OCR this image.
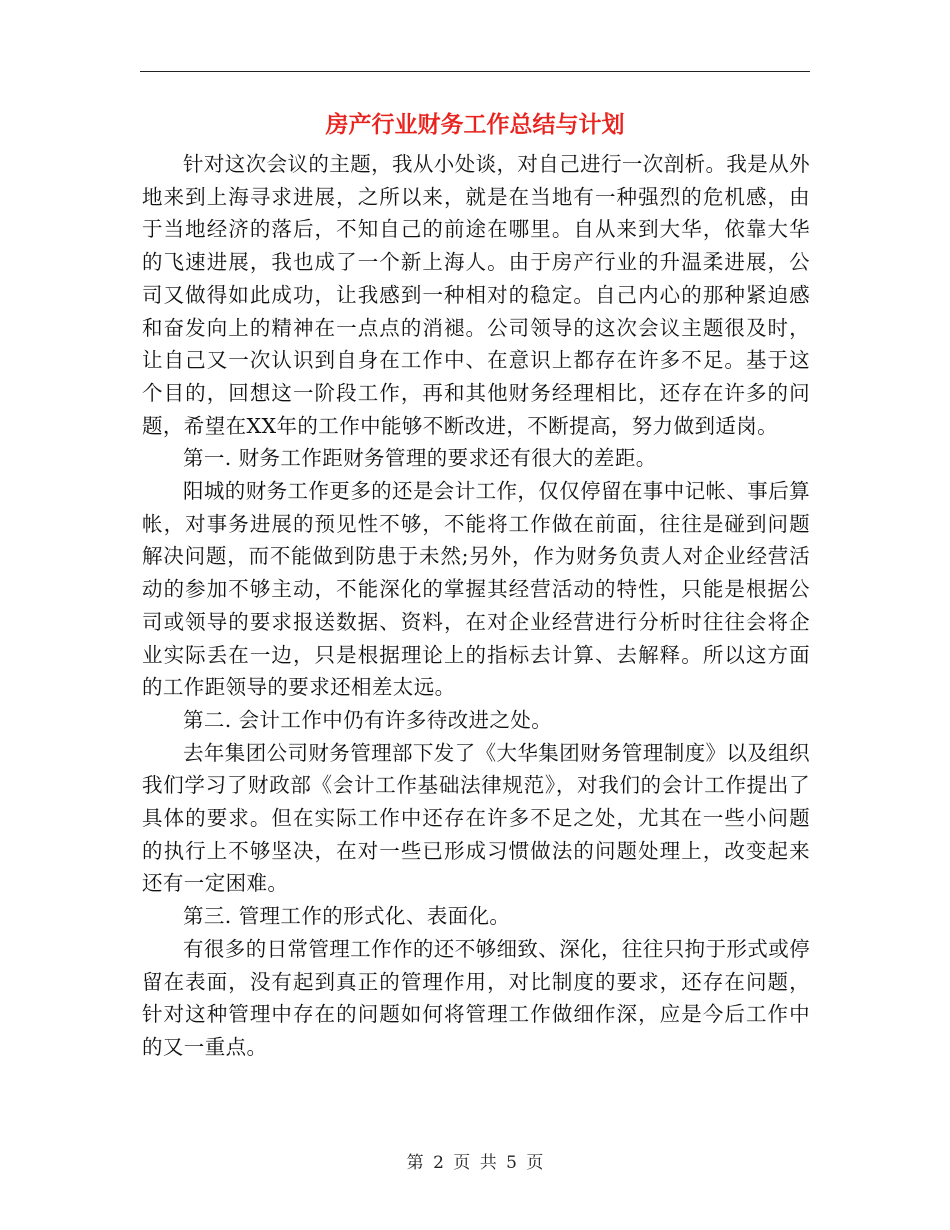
房产行业财务工作总结与计划

针对这次会议的主题，我从小处谈，对自己进行一次剖析。我是从外地来到上海寻求进展，之所以来，就是在当地有一种强烈的危机感，由于当地经济的落后，不知自己的前途在哪里。自从来到大华，依靠大华的飞速进展，我也成了一个新上海人。由于房产行业的升温柔进展，公司又做得如此成功，让我感到一种相对的稳定。自己内心的那种紧迫感和奋发向上的精神在一点点的消褪。公司领导的这次会议主题很及时，让自己又一次认识到自身在工作中、在意识上都存在许多不足。基于这个目的，回想这一阶段工作，再和其他财务经理相比，还存在许多的问题，希望在XX年的工作中能够不断改进，不断提高，努力做到适岗。

第一. 财务工作距财务管理的要求还有很大的差距。

阳城的财务工作更多的还是会计工作，仅仅停留在事中记帐、事后算帐，对事务进展的预见性不够，不能将工作做在前面，往往是碰到问题解决问题，而不能做到防患于未然;另外，作为财务负责人对企业经营活动的参加不够主动，不能深化的掌握其经营活动的特性，只能是根据公司或领导的要求报送数据、资料，在对企业经营进行分析时往往会将企业实际丢在一边，只是根据理论上的指标去计算、去解释。所以这方面的工作距领导的要求还相差太远。

第二. 会计工作中仍有许多待改进之处。

去年集团公司财务管理部下发了《大华集团财务管理制度》以及组织我们学习了财政部《会计工作基础法律规范》，对我们的会计工作提出了具体的要求。但在实际工作中还存在许多不足之处，尤其在一些小问题的执行上不够坚决，在对一些已形成习惯做法的问题处理上，改变起来还有一定困难。

第三. 管理工作的形式化、表面化。

有很多的日常管理工作作的还不够细致、深化，往往只拘于形式或停留在表面，没有起到真正的管理作用，对比制度的要求，还存在问题，针对这种管理中存在的问题如何将管理工作做细作深，应是今后工作中的又一重点。

第 2 页 共 5 页
